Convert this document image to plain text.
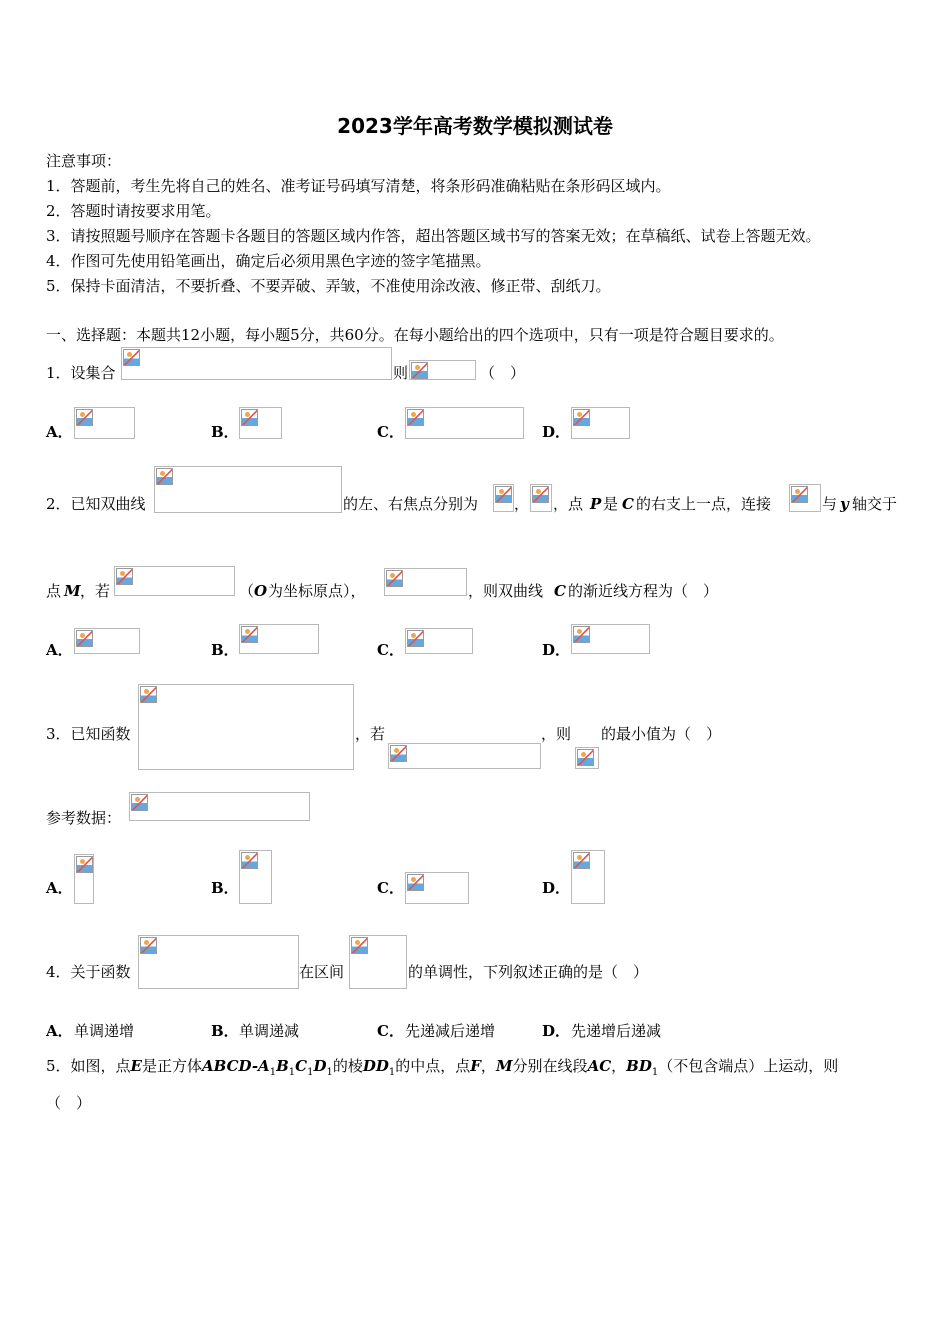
2023学年高考数学模拟测试卷
注意事项：
1．答题前，考生先将自己的姓名、准考证号码填写清楚，将条形码准确粘贴在条形码区域内。
2．答题时请按要求用笔。
3．请按照题号顺序在答题卡各题目的答题区域内作答，超出答题区域书写的答案无效；在草稿纸、试卷上答题无效。
4．作图可先使用铅笔画出，确定后必须用黑色字迹的签字笔描黑。
5．保持卡面清洁，不要折叠、不要弄破、弄皱，不准使用涂改液、修正带、刮纸刀。
一、选择题：本题共12小题，每小题5分，共60分。在每小题给出的四个选项中，只有一项是符合题目要求的。
1．设集合	则	（　）
A．	B．	C．	D．
2．已知双曲线	的左、右焦点分别为 ， ，点 P 是 C 的右支上一点，连接	与 y 轴交于
点 M ，若	（ O 为坐标原点），	，则双曲线 C 的渐近线方程为（　）
A．	B．	C．	D．
3．已知函数	，若	，则 的最小值为（　）
参考数据：
A．	B．	C．	D．
4．关于函数	在区间	的单调性，下列叙述正确的是（　）
A． 单调递增	B． 单调递减	C． 先递减后递增	D． 先递增后递减
5．如图，点E是正方体ABCD-$A_1B_1C_1D_1$的棱$DD_1$的中点，点F，M分别在线段AC，$BD_1$（不包含端点）上运动，则
（　）
